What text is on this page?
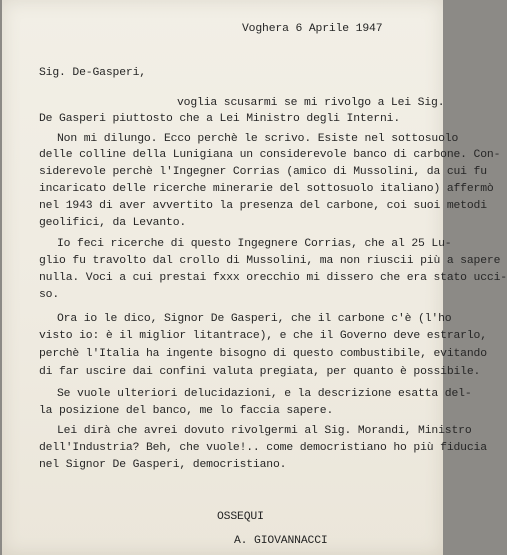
Voghera 6 Aprile 1947
Sig. De-Gasperi,
voglia scusarmi se mi rivolgo a Lei Sig.
De Gasperi piuttosto che a Lei Ministro degli Interni.
Non mi dilungo. Ecco perchè le scrivo. Esiste nel sottosuolo
delle colline della Lunigiana un considerevole banco di carbone. Con-
siderevole perchè l'Ingegner Corrias (amico di Mussolini, da cui fu
incaricato delle ricerche minerarie del sottosuolo italiano) affermò
nel 1943 di aver avvertito la presenza del carbone, coi suoi metodi
geolifici, da Levanto.
Io feci ricerche di questo Ingegnere Corrias, che al 25 Lu-
glio fu travolto dal crollo di Mussolini, ma non riuscii più a sapere
nulla. Voci a cui prestai fxxx orecchio mi dissero che era stato ucci-
so.
Ora io le dico, Signor De Gasperi, che il carbone c'è (l'ho
visto io: è il miglior litantrace), e che il Governo deve estrarlo,
perchè l'Italia ha ingente bisogno di questo combustibile, evitando
di far uscire dai confini valuta pregiata, per quanto è possibile.
Se vuole ulteriori delucidazioni, e la descrizione esatta del-
la posizione del banco, me lo faccia sapere.
Lei dirà che avrei dovuto rivolgermi al Sig. Morandi, Ministro
dell'Industria? Beh, che vuole!.. come democristiano ho più fiducia
nel Signor De Gasperi, democristiano.
OSSEQUI
A. GIOVANNACCI
